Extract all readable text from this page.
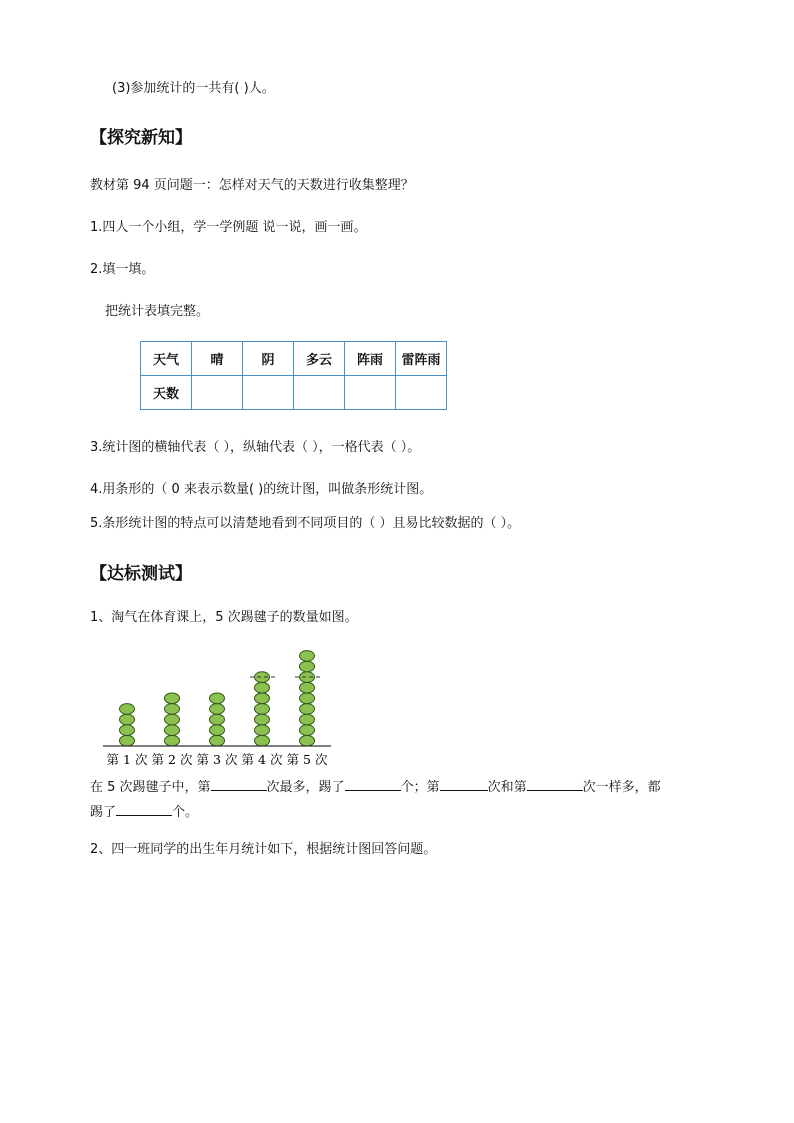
(3)参加统计的一共有( )人。
【探究新知】
教材第 94 页问题一：怎样对天气的天数进行收集整理？
1.四人一个小组，学一学例题 说一说，画一画。
2.填一填。
把统计表填完整。
天气	晴	阴	多云	阵雨	雷阵雨
天数					
3.统计图的横轴代表（ ），纵轴代表（ ），一格代表（ ）。
4.用条形的（ 0 来表示数量( )的统计图，叫做条形统计图。
5.条形统计图的特点可以清楚地看到不同项目的（ ）且易比较数据的（ ）。
【达标测试】
1、淘气在体育课上，5 次踢毽子的数量如图。
第 1 次 第 2 次 第 3 次 第 4 次 第 5 次
在 5 次踢毽子中，第	次最多，踢了	个；第	次和第	次一样多，都
踢了	个。
2、四一班同学的出生年月统计如下，根据统计图回答问题。
